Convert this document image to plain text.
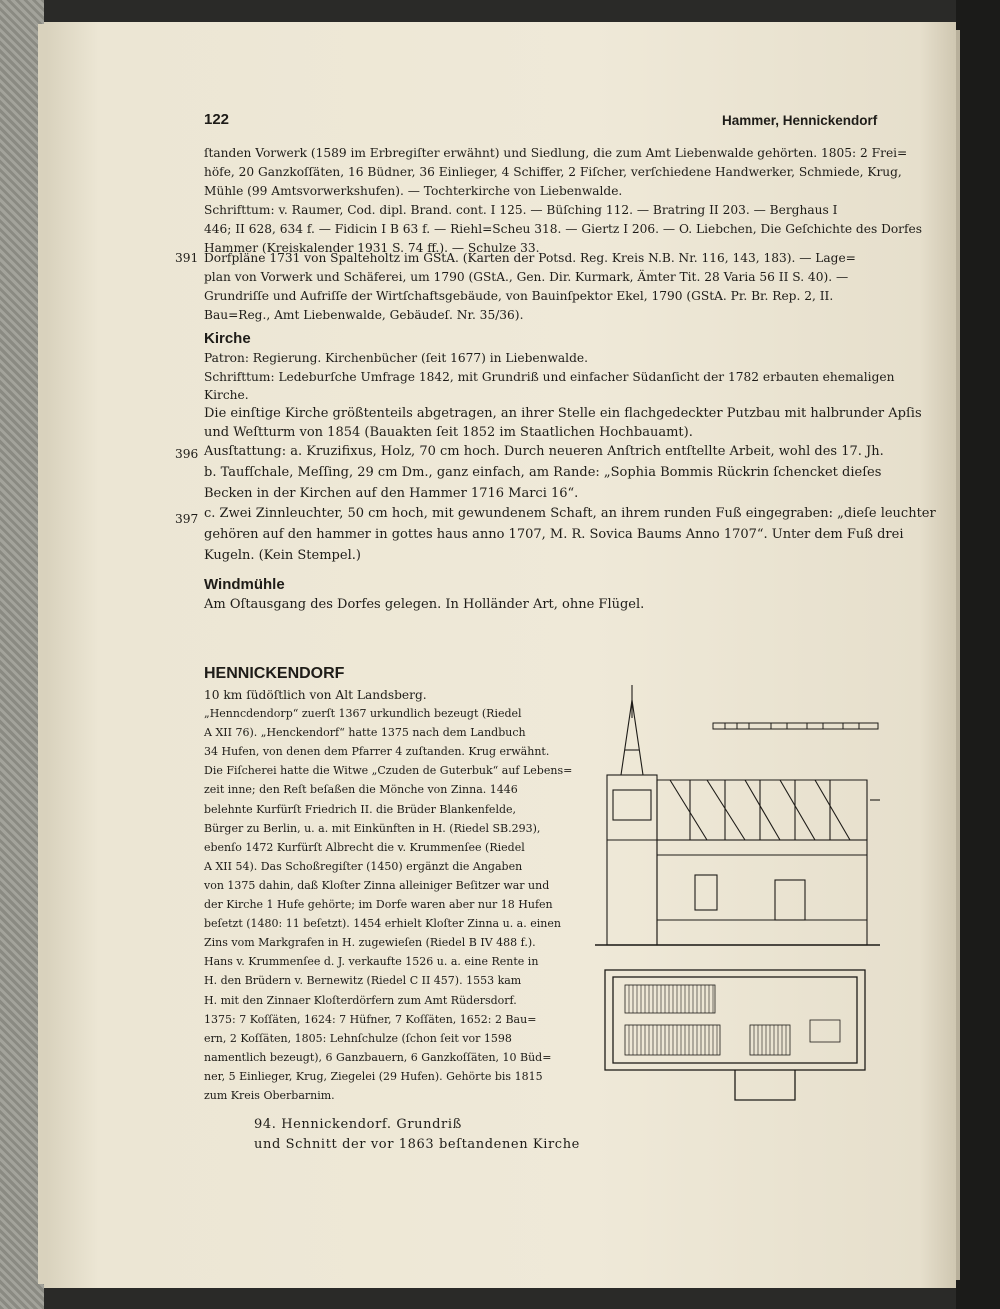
122	Hammer, Hennickendorf
ſtanden Vorwerk (1589 im Erbregiſter erwähnt) und Siedlung, die zum Amt Liebenwalde gehörten. 1805: 2 Frei=
höfe, 20 Ganzkoſſäten, 16 Büdner, 36 Einlieger, 4 Schiffer, 2 Fiſcher, verſchiedene Handwerker, Schmiede, Krug,
Mühle (99 Amtsvorwerkshufen). — Tochterkirche von Liebenwalde.
Schrifttum: v. Raumer, Cod. dipl. Brand. cont. I 125. — Büſching 112. — Bratring II 203. — Berghaus I
446; II 628, 634 f. — Fidicin I B 63 f. — Riehl=Scheu 318. — Giertz I 206. — O. Liebchen, Die Geſchichte des Dorfes
Hammer (Kreiskalender 1931 S. 74 ff.). — Schulze 33.
391 Dorfpläne 1731 von Spalteholtz im GStA. (Karten der Potsd. Reg. Kreis N.B. Nr. 116, 143, 183). — Lage=
plan von Vorwerk und Schäferei, um 1790 (GStA., Gen. Dir. Kurmark, Ämter Tit. 28 Varia 56 II S. 40). —
Grundriſſe und Aufriſſe der Wirtſchaftsgebäude, von Bauinſpektor Ekel, 1790 (GStA. Pr. Br. Rep. 2, II.
Bau=Reg., Amt Liebenwalde, Gebäudeſ. Nr. 35/36).
Kirche
Patron: Regierung. Kirchenbücher (ſeit 1677) in Liebenwalde.
Schrifttum: Ledeburſche Umfrage 1842, mit Grundriß und einfacher Südanſicht der 1782 erbauten ehemaligen
Kirche.
Die einſtige Kirche größtenteils abgetragen, an ihrer Stelle ein flachgedeckter Putzbau mit halbrunder Apſis
und Weſtturm von 1854 (Bauakten ſeit 1852 im Staatlichen Hochbauamt).
396 Ausſtattung: a. Kruzifixus, Holz, 70 cm hoch. Durch neueren Anſtrich entſtellte Arbeit, wohl des 17. Jh.
b. Taufſchale, Meſſing, 29 cm Dm., ganz einfach, am Rande: „Sophia Bommis Rückrin ſchencket dieſes
Becken in der Kirchen auf den Hammer 1716 Marci 16“.
397 c. Zwei Zinnleuchter, 50 cm hoch, mit gewundenem Schaft, an ihrem runden Fuß eingegraben: „dieſe leuchter
gehören auf den hammer in gottes haus anno 1707, M. R. Sovica Baums Anno 1707“. Unter dem Fuß drei
Kugeln. (Kein Stempel.)
Windmühle
Am Oſtausgang des Dorfes gelegen. In Holländer Art, ohne Flügel.
HENNICKENDORF
10 km ſüdöſtlich von Alt Landsberg.
„Henncdendorp“ zuerſt 1367 urkundlich bezeugt (Riedel
A XII 76). „Henckendorf“ hatte 1375 nach dem Landbuch
34 Hufen, von denen dem Pfarrer 4 zuſtanden. Krug erwähnt.
Die Fiſcherei hatte die Witwe „Czuden de Guterbuk“ auf Lebens=
zeit inne; den Reſt beſaßen die Mönche von Zinna. 1446
belehnte Kurfürſt Friedrich II. die Brüder Blankenfelde,
Bürger zu Berlin, u. a. mit Einkünften in H. (Riedel SB.293),
ebenſo 1472 Kurfürſt Albrecht die v. Krummenſee (Riedel
A XII 54). Das Schoßregiſter (1450) ergänzt die Angaben
von 1375 dahin, daß Kloſter Zinna alleiniger Beſitzer war und
der Kirche 1 Hufe gehörte; im Dorfe waren aber nur 18 Hufen
beſetzt (1480: 11 beſetzt). 1454 erhielt Kloſter Zinna u. a. einen
Zins vom Markgrafen in H. zugewieſen (Riedel B IV 488 f.).
Hans v. Krummenſee d. J. verkaufte 1526 u. a. eine Rente in
H. den Brüdern v. Bernewitz (Riedel C II 457). 1553 kam
H. mit den Zinnaer Kloſterdörfern zum Amt Rüdersdorf.
1375: 7 Koſſäten, 1624: 7 Hüfner, 7 Koſſäten, 1652: 2 Bau=
ern, 2 Koſſäten, 1805: Lehnſchulze (ſchon ſeit vor 1598
namentlich bezeugt), 6 Ganzbauern, 6 Ganzkoſſäten, 10 Büd=
ner, 5 Einlieger, Krug, Ziegelei (29 Hufen). Gehörte bis 1815
zum Kreis Oberbarnim.
94. Hennickendorf. Grundriß
und Schnitt der vor 1863 beſtandenen Kirche
